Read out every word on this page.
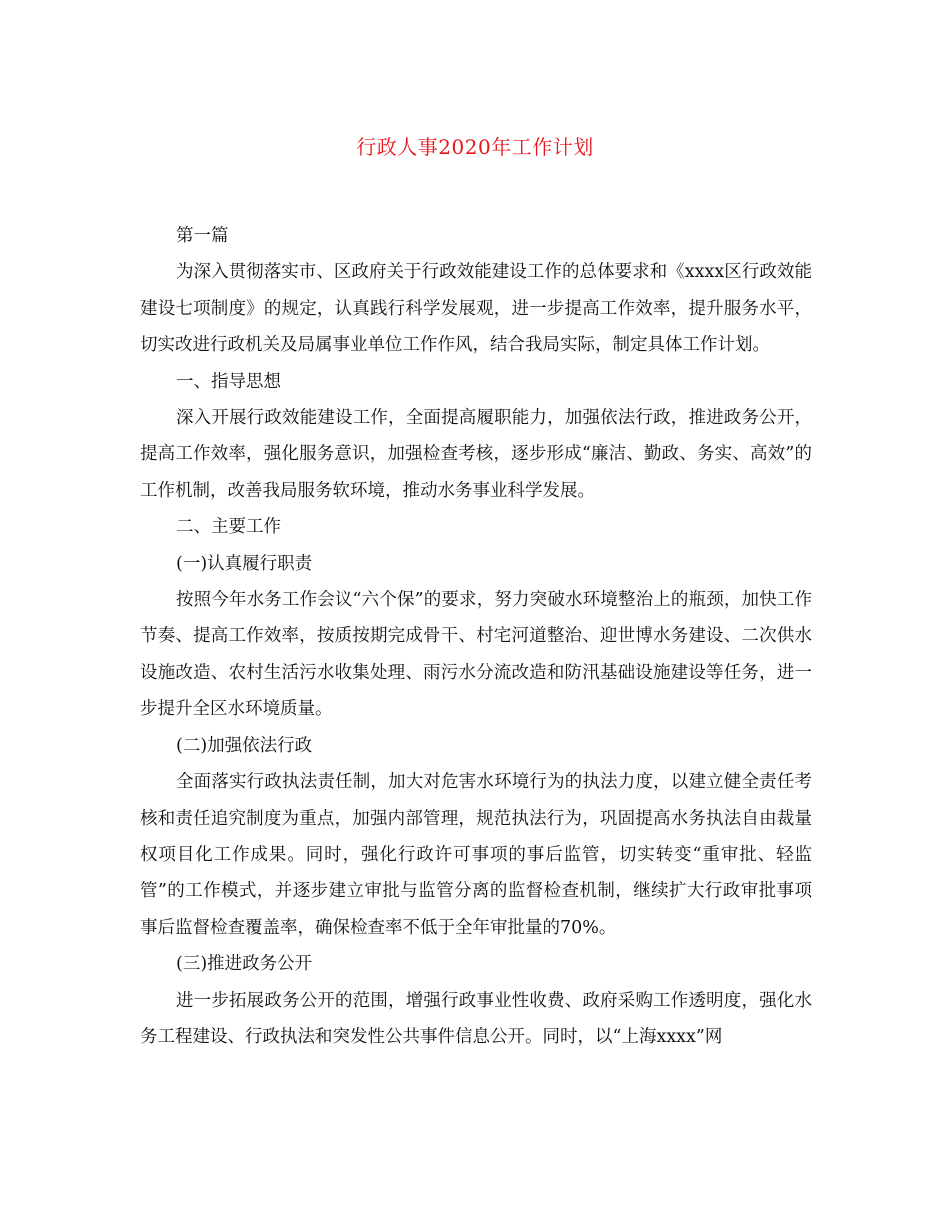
行政人事2020年工作计划

第一篇

为深入贯彻落实市、区政府关于行政效能建设工作的总体要求和《xxxx区行政效能建设七项制度》的规定，认真践行科学发展观，进一步提高工作效率，提升服务水平，切实改进行政机关及局属事业单位工作作风，结合我局实际，制定具体工作计划。

一、指导思想

深入开展行政效能建设工作，全面提高履职能力，加强依法行政，推进政务公开，提高工作效率，强化服务意识，加强检查考核，逐步形成“廉洁、勤政、务实、高效”的工作机制，改善我局服务软环境，推动水务事业科学发展。

二、主要工作

(一)认真履行职责

按照今年水务工作会议“六个保”的要求，努力突破水环境整治上的瓶颈，加快工作节奏、提高工作效率，按质按期完成骨干、村宅河道整治、迎世博水务建设、二次供水设施改造、农村生活污水收集处理、雨污水分流改造和防汛基础设施建设等任务，进一步提升全区水环境质量。

(二)加强依法行政

全面落实行政执法责任制，加大对危害水环境行为的执法力度，以建立健全责任考核和责任追究制度为重点，加强内部管理，规范执法行为，巩固提高水务执法自由裁量权项目化工作成果。同时，强化行政许可事项的事后监管，切实转变“重审批、轻监管”的工作模式，并逐步建立审批与监管分离的监督检查机制，继续扩大行政审批事项事后监督检查覆盖率，确保检查率不低于全年审批量的70%。

(三)推进政务公开

进一步拓展政务公开的范围，增强行政事业性收费、政府采购工作透明度，强化水务工程建设、行政执法和突发性公共事件信息公开。同时，以“上海xxxx”网
